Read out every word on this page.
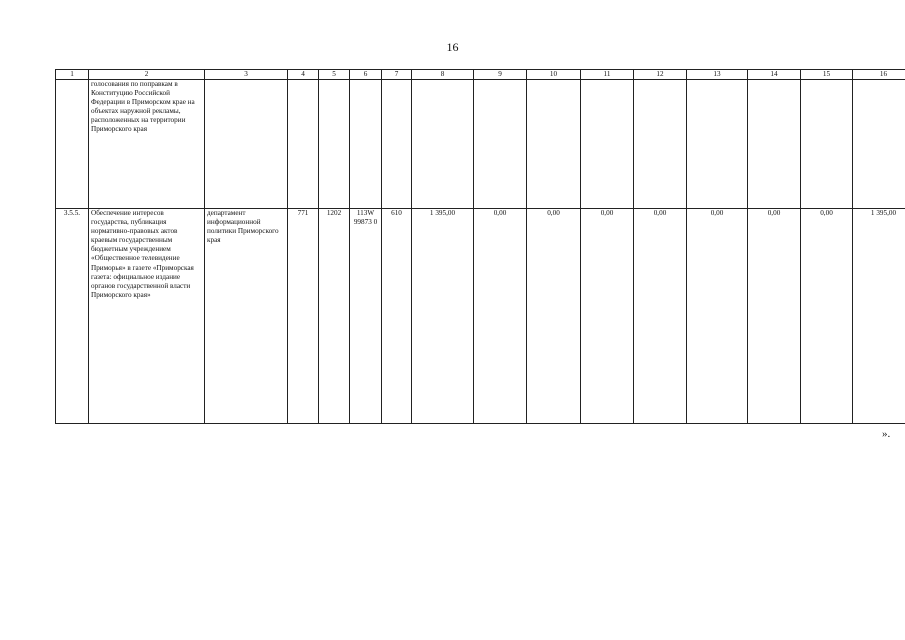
16
1	2	3	4	5	6	7	8	9	10	11	12	13	14	15	16
	голосования по поправкам в Конституцию Российской Федерации в Приморском крае на объектах наружной рекламы, расположенных на территории Приморского края														
3.5.5.	Обеспечение интересов государства, публикация нормативно-правовых актов краевым государственным бюджетным учреждением «Общественное телевидение Приморья» в газете «Приморская газета: официальное издание органов государственной власти Приморского края»	департамент информационной политики Приморского края	771	1202	113W 99873 0	610	1 395,00	0,00	0,00	0,00	0,00	0,00	0,00	0,00	1 395,00
».
